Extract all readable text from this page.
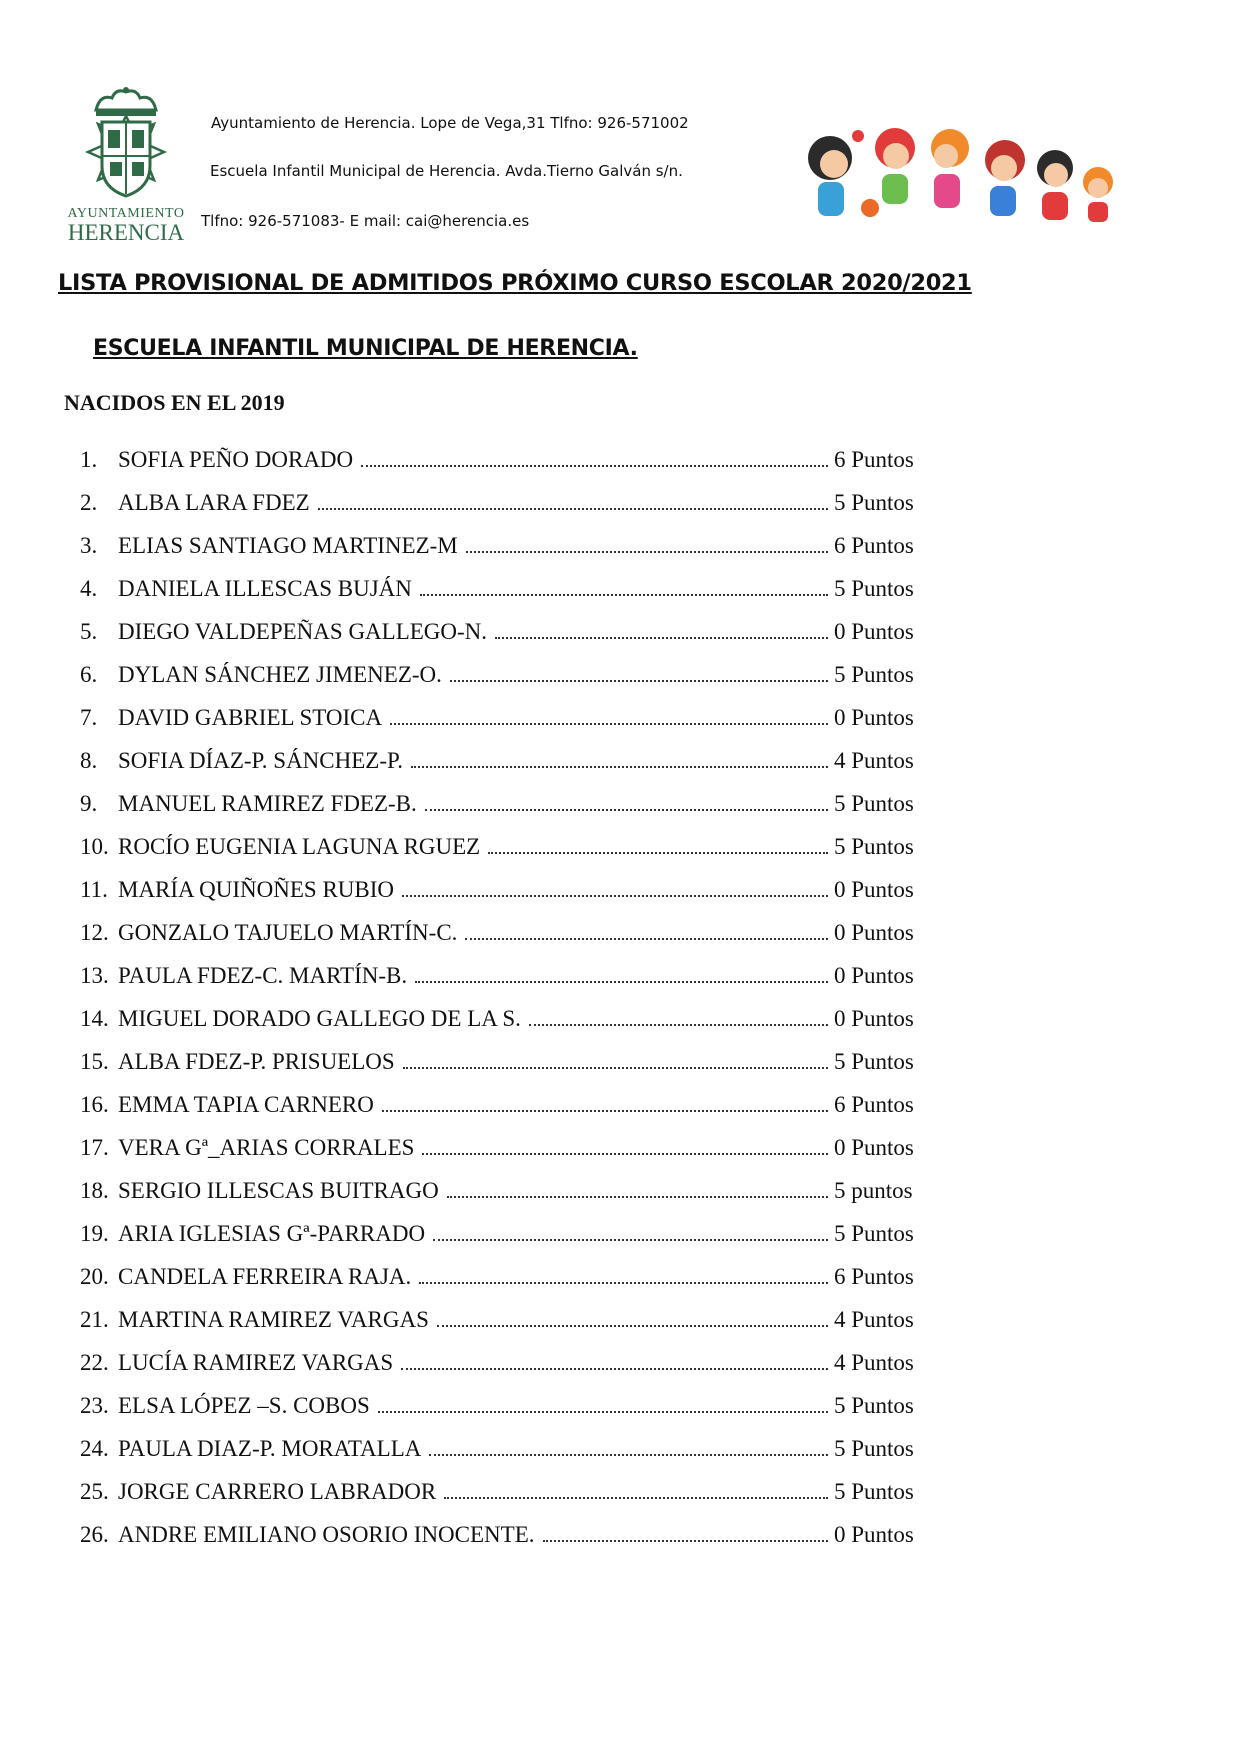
AYUNTAMIENTO
HERENCIA
Ayuntamiento de Herencia. Lope de Vega,31 Tlfno: 926-571002
Escuela Infantil Municipal de Herencia. Avda.Tierno Galván s/n.
Tlfno: 926-571083- E mail: cai@herencia.es
LISTA PROVISIONAL DE ADMITIDOS PRÓXIMO CURSO ESCOLAR 2020/2021
ESCUELA INFANTIL MUNICIPAL DE HERENCIA.
NACIDOS EN EL 2019
1. SOFIA PEÑO DORADO	6 Puntos
2. ALBA LARA FDEZ	5 Puntos
3. ELIAS SANTIAGO MARTINEZ-M	6 Puntos
4. DANIELA ILLESCAS BUJÁN	5 Puntos
5. DIEGO VALDEPEÑAS GALLEGO-N.	0 Puntos
6. DYLAN SÁNCHEZ JIMENEZ-O.	5 Puntos
7. DAVID GABRIEL STOICA	0 Puntos
8. SOFIA DÍAZ-P. SÁNCHEZ-P.	4 Puntos
9. MANUEL RAMIREZ FDEZ-B.	5 Puntos
10. ROCÍO EUGENIA LAGUNA RGUEZ	5 Puntos
11. MARÍA QUIÑOÑES RUBIO	0 Puntos
12. GONZALO TAJUELO MARTÍN-C.	0 Puntos
13. PAULA FDEZ-C. MARTÍN-B.	0 Puntos
14. MIGUEL DORADO GALLEGO DE LA S.	0 Puntos
15. ALBA FDEZ-P. PRISUELOS	5 Puntos
16. EMMA TAPIA CARNERO	6 Puntos
17. VERA Gª_ARIAS CORRALES	0 Puntos
18. SERGIO ILLESCAS BUITRAGO	5 puntos
19. ARIA IGLESIAS Gª-PARRADO	5 Puntos
20. CANDELA FERREIRA RAJA.	6 Puntos
21. MARTINA RAMIREZ VARGAS	4 Puntos
22. LUCÍA RAMIREZ VARGAS	4 Puntos
23. ELSA LÓPEZ –S. COBOS	5 Puntos
24. PAULA DIAZ-P. MORATALLA	5 Puntos
25. JORGE CARRERO LABRADOR	5 Puntos
26. ANDRE EMILIANO OSORIO INOCENTE.	0 Puntos
